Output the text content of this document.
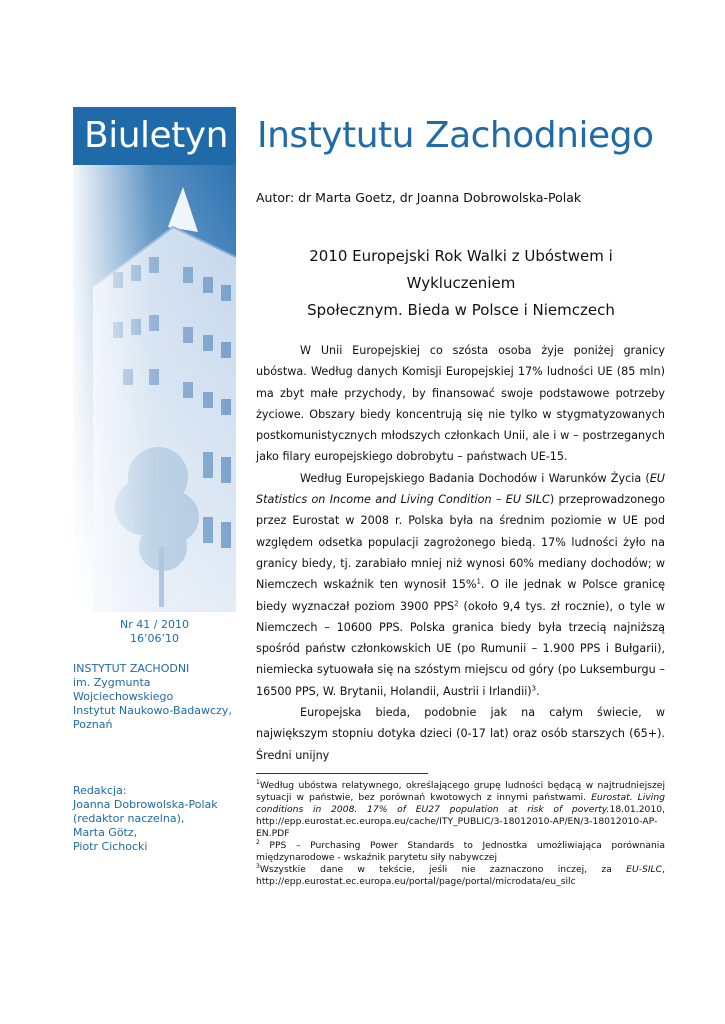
Biuletyn Instytutu Zachodniego
Autor: dr Marta Goetz, dr Joanna Dobrowolska-Polak
2010 Europejski Rok Walki z Ubóstwem i Wykluczeniem
Społecznym. Bieda w Polsce i Niemczech

W Unii Europejskiej co szósta osoba żyje poniżej granicy ubóstwa. Według danych Komisji Europejskiej 17% ludności UE (85 mln) ma zbyt małe przychody, by finansować swoje podstawowe potrzeby życiowe. Obszary biedy koncentrują się nie tylko w stygmatyzowanych postkomunistycznych młodszych członkach Unii, ale i w – postrzeganych jako filary europejskiego dobrobytu – państwach UE-15.

Według Europejskiego Badania Dochodów i Warunków Życia (EU Statistics on Income and Living Condition – EU SILC) przeprowadzonego przez Eurostat w 2008 r. Polska była na średnim poziomie w UE pod względem odsetka populacji zagrożonego biedą. 17% ludności żyło na granicy biedy, tj. zarabiało mniej niż wynosi 60% mediany dochodów; w Niemczech wskaźnik ten wynosił 15%$^1$. O ile jednak w Polsce granicę biedy wyznaczał poziom 3900 PPS$^2$ (około 9,4 tys. zł rocznie), o tyle w Niemczech – 10600 PPS. Polska granica biedy była trzecią najniższą spośród państw członkowskich UE (po Rumunii – 1.900 PPS i Bułgarii), niemiecka sytuowała się na szóstym miejscu od góry (po Luksemburgu – 16500 PPS, W. Brytanii, Holandii, Austrii i Irlandii)$^3$.

Europejska bieda, podobnie jak na całym świecie, w największym stopniu dotyka dzieci (0-17 lat) oraz osób starszych (65+). Średni unijny

$^1$Według ubóstwa relatywnego, określającego grupę ludności będącą w najtrudniejszej sytuacji w państwie, bez porównań kwotowych z innymi państwami. Eurostat. Living conditions in 2008. 17% of EU27 population at risk of poverty.18.01.2010, http://epp.eurostat.ec.europa.eu/cache/ITY_PUBLIC/3-18012010-AP/EN/3-18012010-AP-EN.PDF

$^2$ PPS – Purchasing Power Standards to Jednostka umożliwiająca porównania międzynarodowe - wskaźnik parytetu siły nabywczej

$^3$Wszystkie dane w tekście, jeśli nie zaznaczono inczej, za EU-SILC, http://epp.eurostat.ec.europa.eu/portal/page/portal/microdata/eu_silc

Nr 41 / 2010

16’06’10

INSTYTUT ZACHODNI

im. Zygmunta

Wojciechowskiego

Instytut Naukowo-Badawczy,

Poznań

Redakcja:

Joanna Dobrowolska-Polak

(redaktor naczelna),

Marta Götz,

Piotr Cichocki
